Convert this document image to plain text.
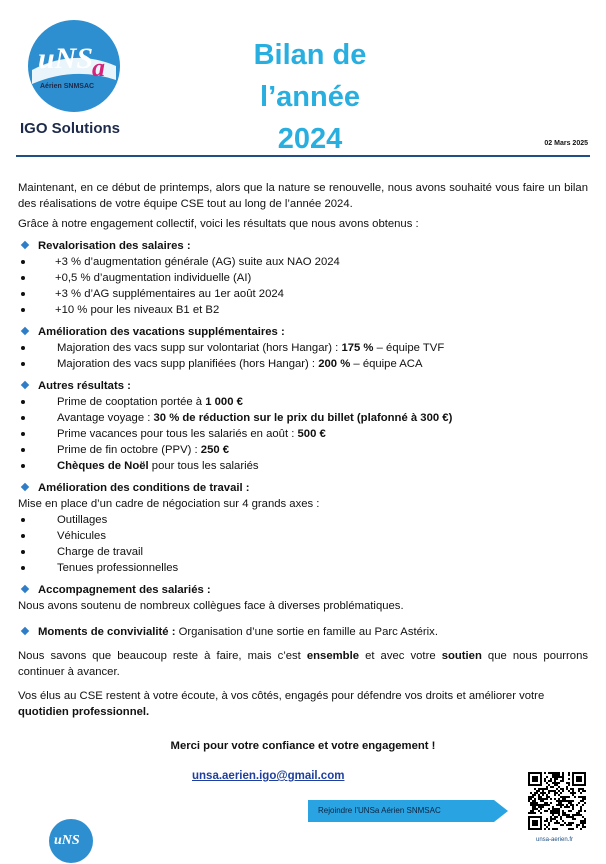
uNS
a
Aérien SNMSAC
IGO Solutions
Bilan de l’année
2024	02 Mars 2025

Maintenant, en ce début de printemps, alors que la nature se renouvelle, nous avons souhaité vous faire un bilan des réalisations de votre équipe CSE tout au long de l’année 2024.

Grâce à notre engagement collectif, voici les résultats que nous avons obtenus :

Revalorisation des salaires :

+3 % d’augmentation générale (AG) suite aux NAO 2024
+0,5 % d’augmentation individuelle (AI)
+3 % d’AG supplémentaires au 1er août 2024
+10 % pour les niveaux B1 et B2

Amélioration des vacations supplémentaires :

Majoration des vacs supp sur volontariat (hors Hangar) : 175 % – équipe TVF
Majoration des vacs supp planifiées (hors Hangar) : 200 % – équipe ACA

Autres résultats :

Prime de cooptation portée à 1 000 €
Avantage voyage : 30 % de réduction sur le prix du billet (plafonné à 300 €)
Prime vacances pour tous les salariés en août : 500 €
Prime de fin octobre (PPV) : 250 €
Chèques de Noël pour tous les salariés

Amélioration des conditions de travail :

Mise en place d’un cadre de négociation sur 4 grands axes :

Outillages
Véhicules
Charge de travail
Tenues professionnelles

Accompagnement des salariés :

Nous avons soutenu de nombreux collègues face à diverses problématiques.

Moments de convivialité : Organisation d’une sortie en famille au Parc Astérix.

Nous savons que beaucoup reste à faire, mais c’est ensemble et avec votre soutien que nous pourrons continuer à avancer.

Vos élus au CSE restent à votre écoute, à vos côtés, engagés pour défendre vos droits et améliorer votre
quotidien professionnel.

Merci pour votre confiance et votre engagement !

unsa.aerien.igo@gmail.com
Rejoindre l’UNSa Aérien SNMSAC
unsa-aerien.fr
uNS
